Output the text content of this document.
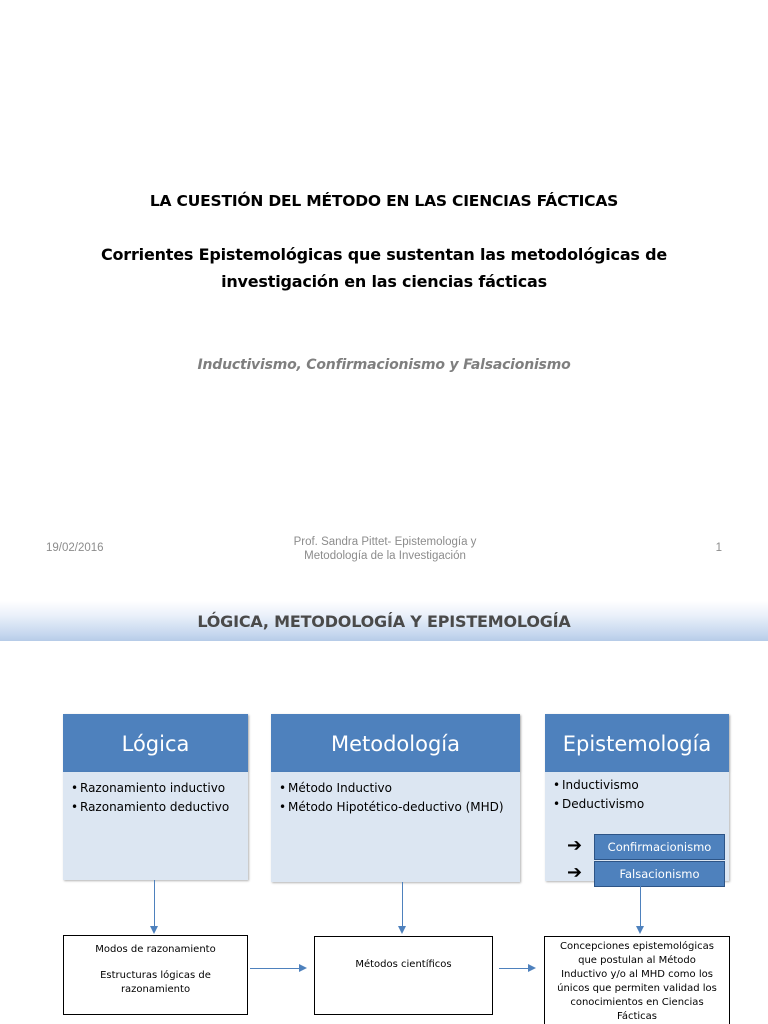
LA CUESTIÓN DEL MÉTODO EN LAS CIENCIAS FÁCTICAS
Corrientes Epistemológicas que sustentan las metodológicas de
investigación en las ciencias fácticas
Inductivismo, Confirmacionismo y Falsacionismo
19/02/2016	Prof. Sandra Pittet- Epistemología y
Metodología de la Investigación
1
LÓGICA, METODOLOGÍA Y EPISTEMOLOGÍA
Lógica
• Razonamiento inductivo
• Razonamiento deductivo
Metodología
• Método Inductivo
• Método Hipotético-deductivo (MHD)
Epistemología
• Inductivismo
• Deductivismo
➔	Confirmacionismo
➔	Falsacionismo
Modos de razonamiento
Estructuras lógicas de
razonamiento
Métodos científicos
Concepciones epistemológicas
que postulan al Método
Inductivo y/o al MHD como los
únicos que permiten validad los
conocimientos en Ciencias
Fácticas
